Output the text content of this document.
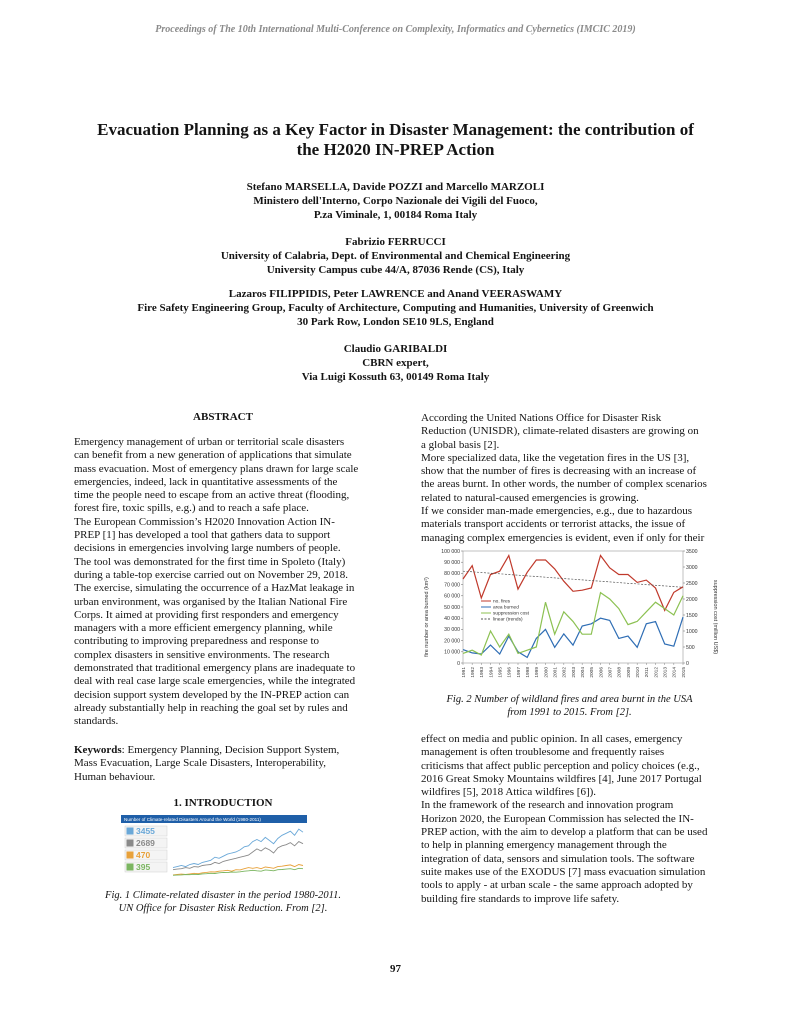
Proceedings of The 10th International Multi-Conference on Complexity, Informatics and Cybernetics (IMCIC 2019)
Evacuation Planning as a Key Factor in Disaster Management: the contribution of
the H2020 IN-PREP Action
Stefano MARSELLA, Davide POZZI and Marcello MARZOLI
Ministero dell'Interno, Corpo Nazionale dei Vigili del Fuoco,
P.za Viminale, 1, 00184 Roma Italy
Fabrizio FERRUCCI
University of Calabria, Dept. of Environmental and Chemical Engineering
University Campus cube 44/A, 87036 Rende (CS), Italy
Lazaros FILIPPIDIS, Peter LAWRENCE and Anand VEERASWAMY
Fire Safety Engineering Group, Faculty of Architecture, Computing and Humanities, University of Greenwich
30 Park Row, London SE10 9LS, England
Claudio GARIBALDI
CBRN expert,
Via Luigi Kossuth 63, 00149 Roma Italy
ABSTRACT

Emergency management of urban or territorial scale disasters

can benefit from a new generation of applications that simulate

mass evacuation. Most of emergency plans drawn for large scale

emergencies, indeed, lack in quantitative assessments of the

time the people need to escape from an active threat (flooding,

forest fire, toxic spills, e.g.) and to reach a safe place.

The European Commission’s H2020 Innovation Action IN-

PREP [1] has developed a tool that gathers data to support

decisions in emergencies involving large numbers of people.

The tool was demonstrated for the first time in Spoleto (Italy)

during a table-top exercise carried out on November 29, 2018.

The exercise, simulating the occurrence of a HazMat leakage in

urban environment, was organised by the Italian National Fire

Corps. It aimed at providing first responders and emergency

managers with a more efficient emergency planning, while

contributing to improving preparedness and response to

complex disasters in sensitive environments. The research

demonstrated that traditional emergency plans are inadequate to

deal with real case large scale emergencies, while the integrated

decision support system developed by the IN-PREP action can

already substantially help in reaching the goal set by rules and

standards.

Keywords: Emergency Planning, Decision Support System,

Mass Evacuation, Large Scale Disasters, Interoperability,

Human behaviour.

1. INTRODUCTION
Number of Climate-related Disasters Around the World (1980-2011)
3455
2689
470
395
Fig. 1 Climate-related disaster in the period 1980-2011.
UN Office for Disaster Risk Reduction. From [2].

According the United Nations Office for Disaster Risk

Reduction (UNISDR), climate-related disasters are growing on

a global basis [2].

More specialized data, like the vegetation fires in the US [3],

show that the number of fires is decreasing with an increase of

the areas burnt. In other words, the number of complex scenarios

related to natural-caused emergencies is growing.

If we consider man-made emergencies, e.g., due to hazardous

materials transport accidents or terrorist attacks, the issue of

managing complex emergencies is evident, even if only for their

0
10 000
20 000
30 000
40 000
50 000
60 000
70 000
80 000
90 000
100 000
0
500
1000
1500
2000
2500
3000
3500
1991 1992 1993 1994 1995 1996 1997 1998 1999 2000 2001 2002 2003 2004 2005 2006 2007 2008 2009 2010 2011 2012 2013 2014 2015
no. fires
area burned
suppression cost
linear (trends)
fire number or area burned (km²)	suppression cost (million US$)
Fig. 2 Number of wildland fires and area burnt in the USA
from 1991 to 2015. From [2].

effect on media and public opinion. In all cases, emergency

management is often troublesome and frequently raises

criticisms that affect public perception and policy choices (e.g.,

2016 Great Smoky Mountains wildfires [4], June 2017 Portugal

wildfires [5], 2018 Attica wildfires [6]).

In the framework of the research and innovation program

Horizon 2020, the European Commission has selected the IN-

PREP action, with the aim to develop a platform that can be used

to help in planning emergency management through the

integration of data, sensors and simulation tools. The software

suite makes use of the EXODUS [7] mass evacuation simulation

tools to apply - at urban scale - the same approach adopted by

building fire standards to improve life safety.

97
